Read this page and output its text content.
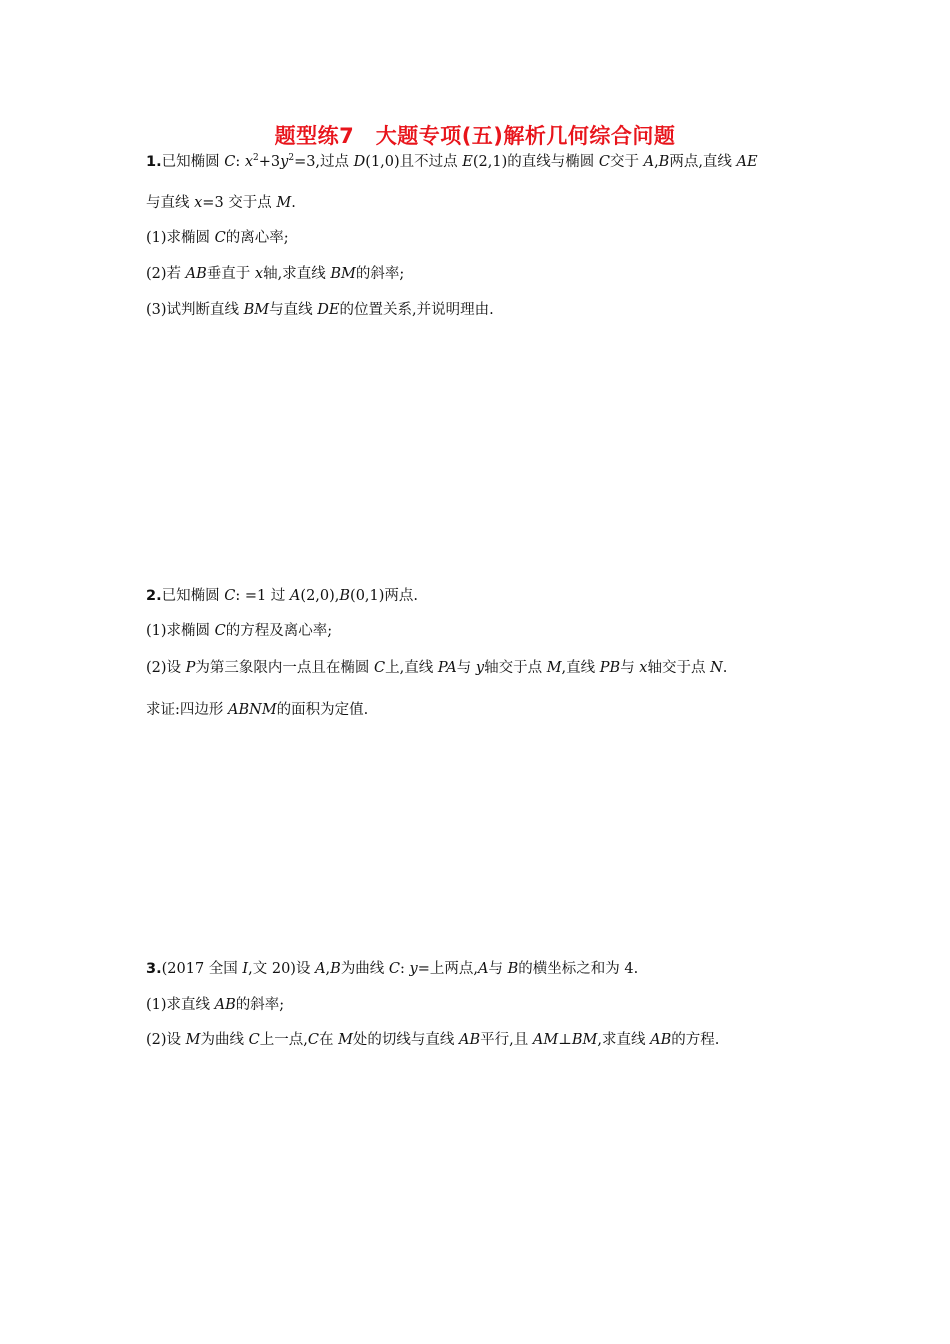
题型练7　大题专项(五)解析几何综合问题
1.已知椭圆 C: $x^2+3y^2=3$,过点 D(1,0)且不过点 E(2,1)的直线与椭圆 C交于 A,B两点,直线 AE
与直线 x=3 交于点 M.
(1)求椭圆 C的离心率;
(2)若 AB垂直于 x轴,求直线 BM的斜率;
(3)试判断直线 BM与直线 DE的位置关系,并说明理由.
2.已知椭圆 C: =1 过 A(2,0),B(0,1)两点.
(1)求椭圆 C的方程及离心率;
(2)设 P为第三象限内一点且在椭圆 C上,直线 PA与 y轴交于点 M,直线 PB与 x轴交于点 N.
求证:四边形 ABNM的面积为定值.
3.(2017 全国 Ⅰ,文 20)设 A,B为曲线 C: y=上两点,A与 B的横坐标之和为 4.
(1)求直线 AB的斜率;
(2)设 M为曲线 C上一点,C在 M处的切线与直线 AB平行,且 AM⊥BM,求直线 AB的方程.
